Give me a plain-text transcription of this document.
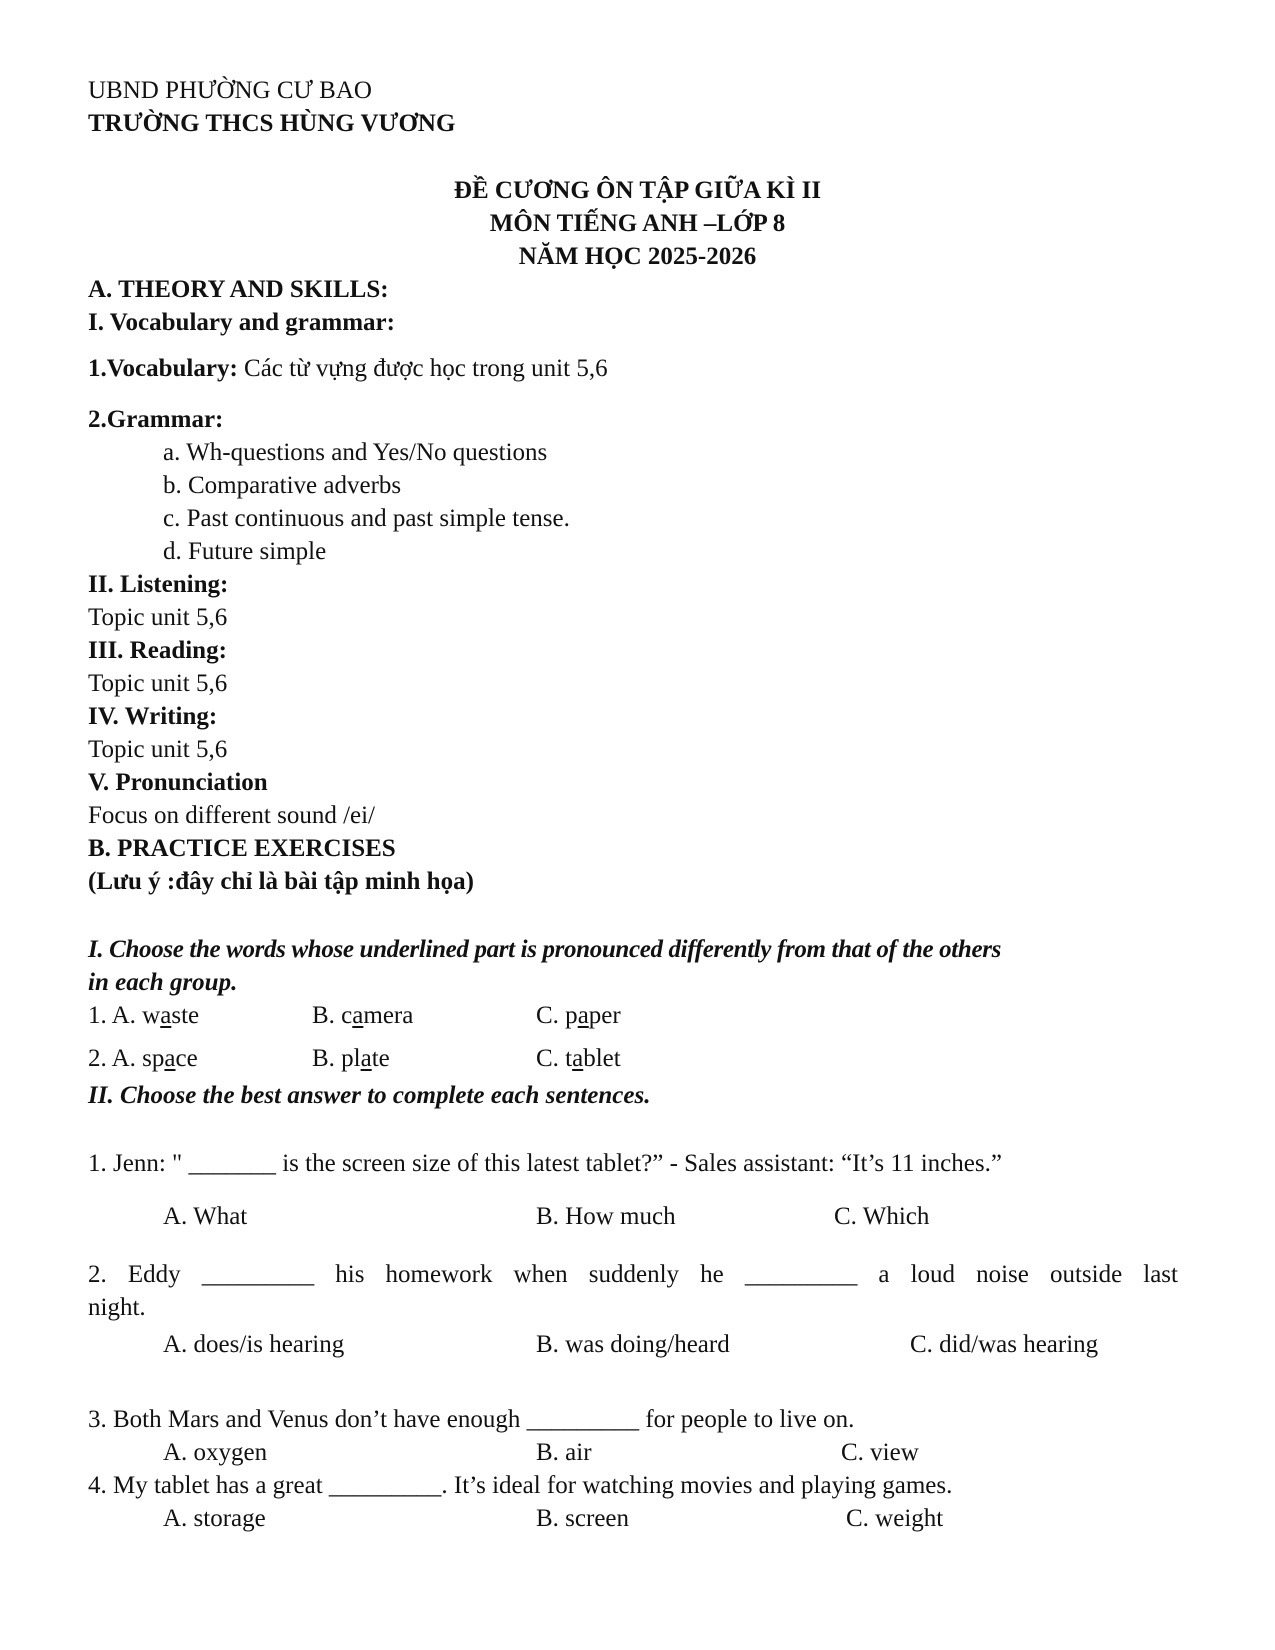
UBND PHƯỜNG CƯ BAO
TRƯỜNG THCS HÙNG VƯƠNG
ĐỀ CƯƠNG ÔN TẬP GIỮA KÌ II
MÔN TIẾNG ANH –LỚP 8
NĂM HỌC 2025-2026
A. THEORY AND SKILLS:
I. Vocabulary and grammar:
1.Vocabulary: Các từ vựng được học trong unit 5,6
2.Grammar:
a. Wh-questions and Yes/No questions
b. Comparative adverbs
c. Past continuous and past simple tense.
d. Future simple
II. Listening:
Topic unit 5,6
III. Reading:
Topic unit 5,6
IV. Writing:
Topic unit 5,6
V. Pronunciation
Focus on different sound /ei/
B. PRACTICE EXERCISES
(Lưu ý :đây chỉ là bài tập minh họa)
I. Choose the words whose underlined part is pronounced differently from that of the others
in each group.
1. A. waste	B. camera	C. paper
2. A. space	B. plate	C. tablet
II. Choose the best answer to complete each sentences.
1. Jenn: " _______ is the screen size of this latest tablet?” - Sales assistant: “It’s 11 inches.”
A. What	B. How much	C. Which
2. Eddy _________ his homework when suddenly he _________ a loud noise outside last
night.
A. does/is hearing	B. was doing/heard	C. did/was hearing
3. Both Mars and Venus don’t have enough _________ for people to live on.
A. oxygen	B. air	C. view
4. My tablet has a great _________. It’s ideal for watching movies and playing games.
A. storage	B. screen	C. weight
